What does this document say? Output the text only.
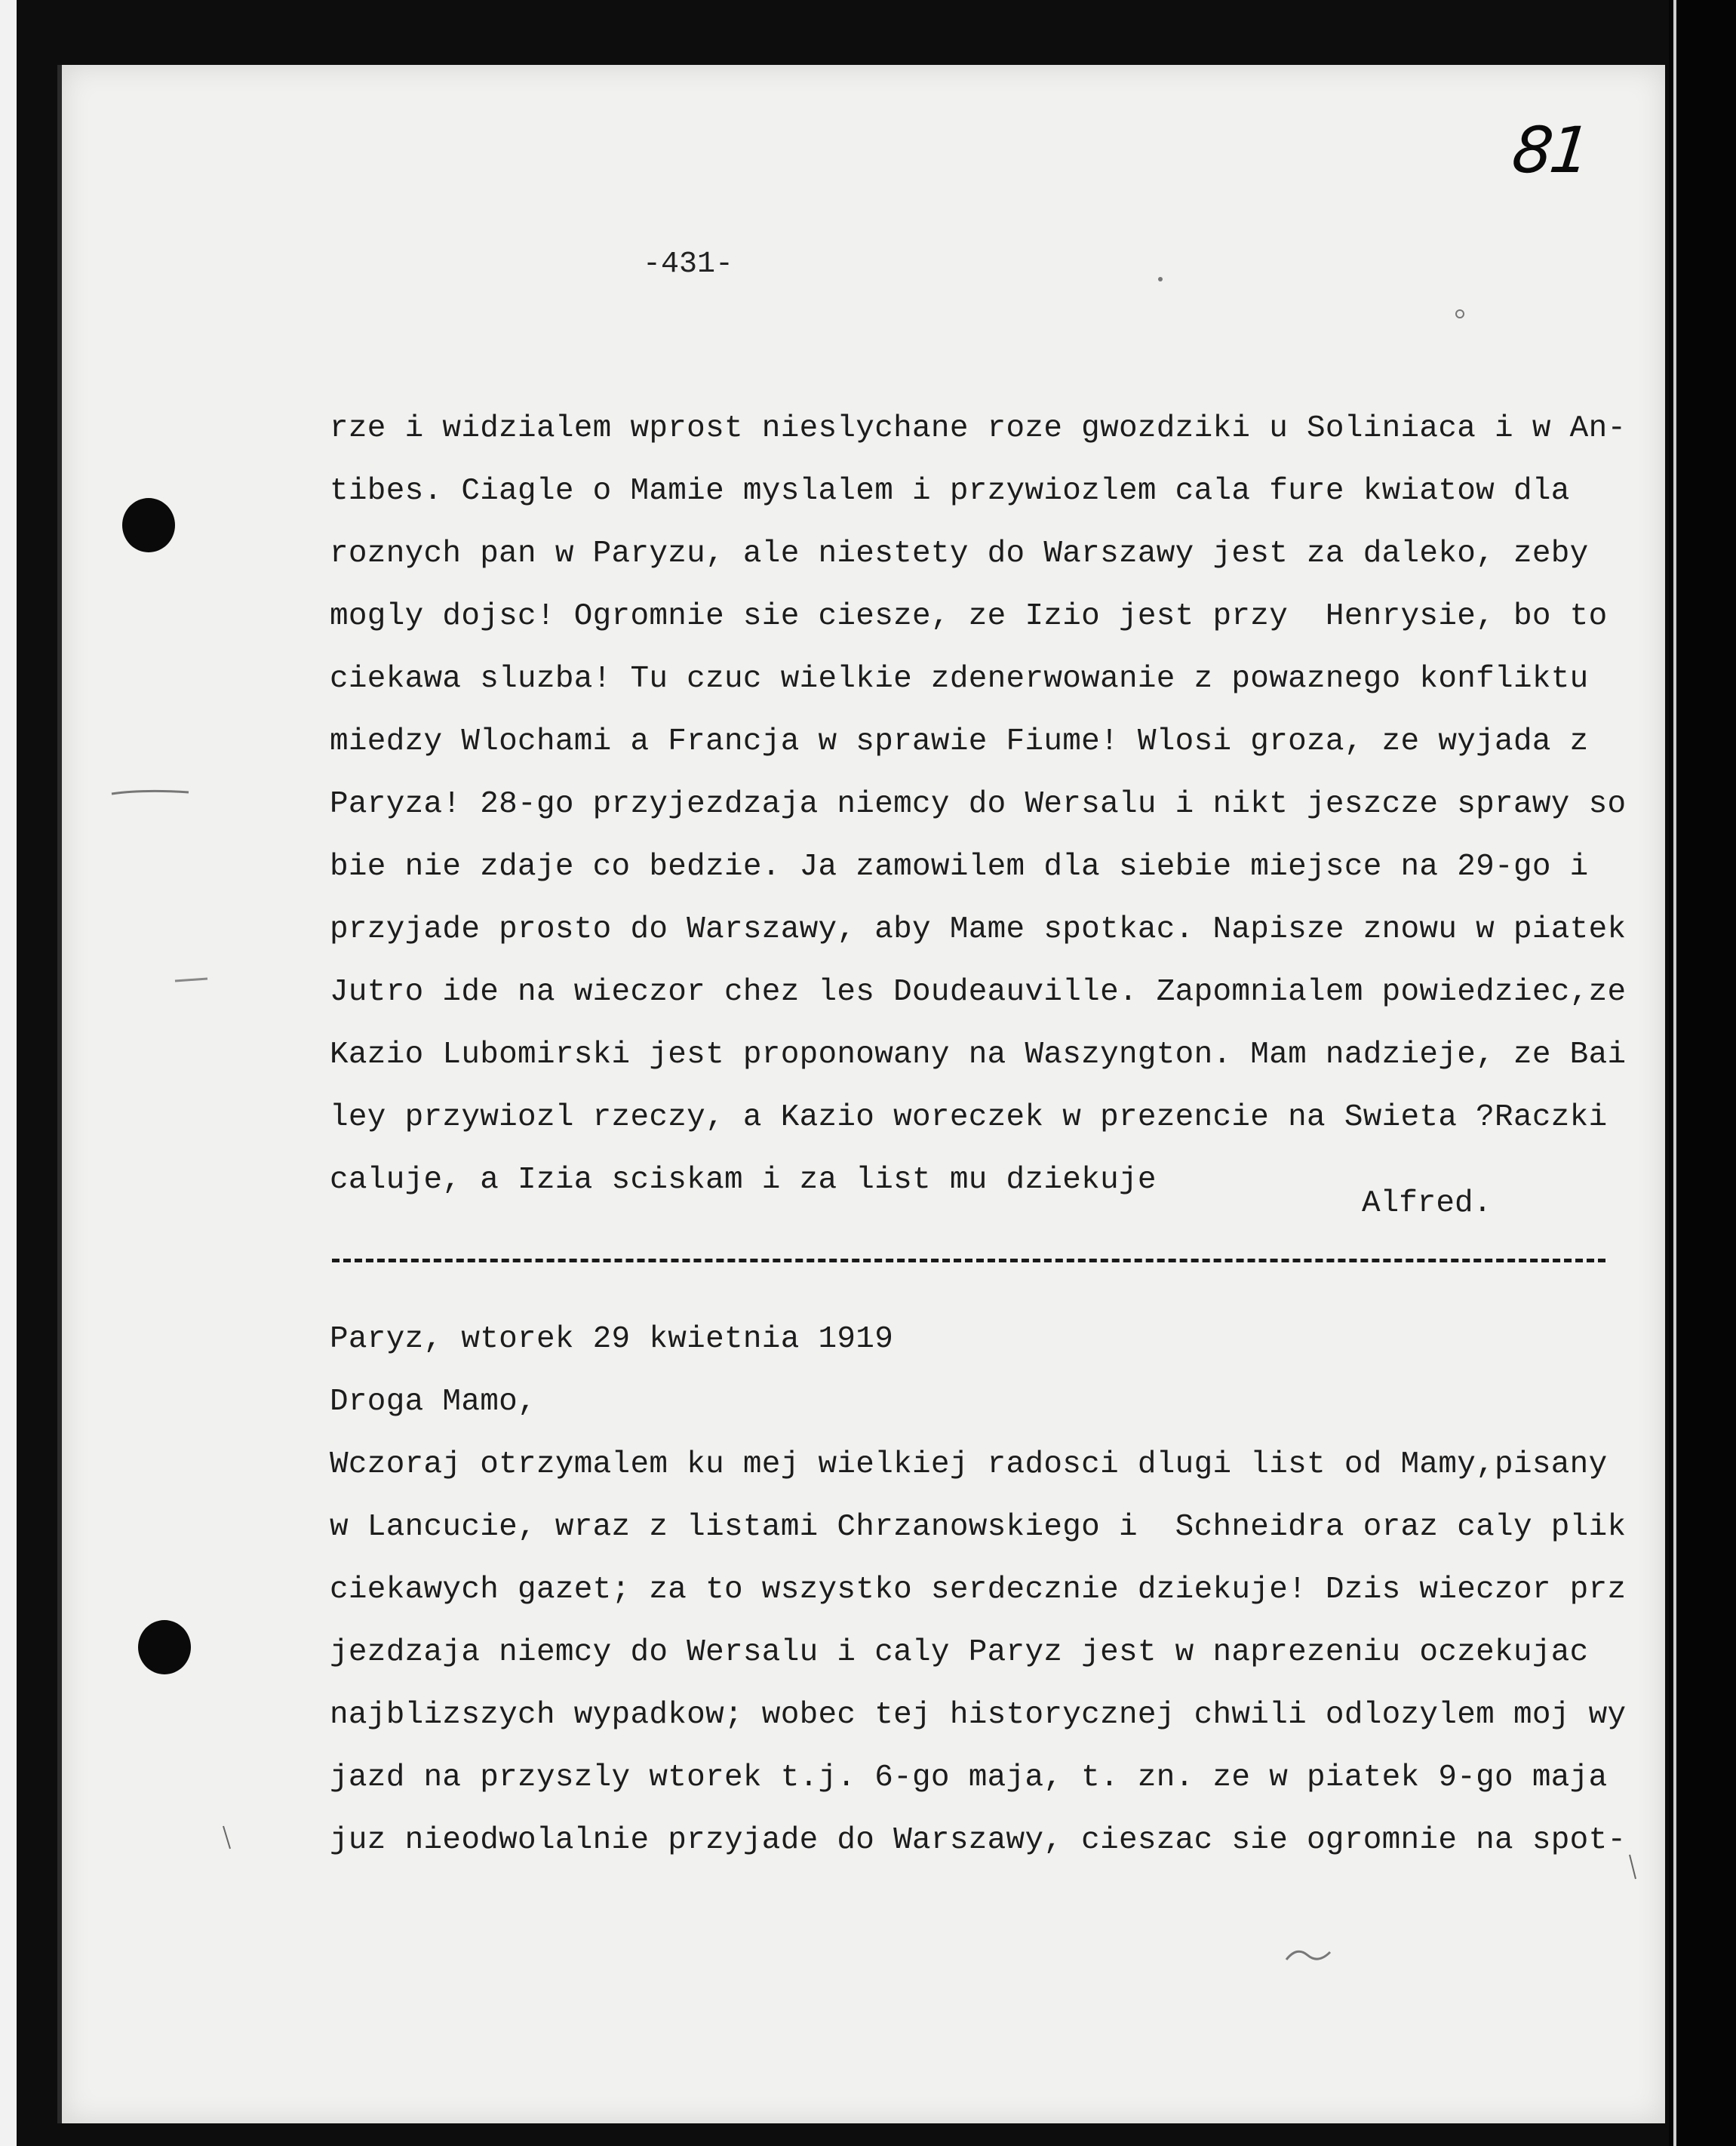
81
-431-
rze i widzialem wprost nieslychane roze gwozdziki u Soliniaca i w An-
tibes. Ciagle o Mamie myslalem i przywiozlem cala fure kwiatow dla
roznych pan w Paryzu, ale niestety do Warszawy jest za daleko, zeby
mogly dojsc! Ogromnie sie ciesze, ze Izio jest przy  Henrysie, bo to
ciekawa sluzba! Tu czuc wielkie zdenerwowanie z powaznego konfliktu
miedzy Wlochami a Francja w sprawie Fiume! Wlosi groza, ze wyjada z
Paryza! 28-go przyjezdzaja niemcy do Wersalu i nikt jeszcze sprawy so
bie nie zdaje co bedzie. Ja zamowilem dla siebie miejsce na 29-go i
przyjade prosto do Warszawy, aby Mame spotkac. Napisze znowu w piatek
Jutro ide na wieczor chez les Doudeauville. Zapomnialem powiedziec,ze
Kazio Lubomirski jest proponowany na Waszyngton. Mam nadzieje, ze Bai
ley przywiozl rzeczy, a Kazio woreczek w prezencie na Swieta ?Raczki
caluje, a Izia sciskam i za list mu dziekuje
Alfred.
Paryz, wtorek 29 kwietnia 1919
Droga Mamo,
Wczoraj otrzymalem ku mej wielkiej radosci dlugi list od Mamy,pisany
w Lancucie, wraz z listami Chrzanowskiego i  Schneidra oraz caly plik
ciekawych gazet; za to wszystko serdecznie dziekuje! Dzis wieczor prz
jezdzaja niemcy do Wersalu i caly Paryz jest w naprezeniu oczekujac
najblizszych wypadkow; wobec tej historycznej chwili odlozylem moj wy
jazd na przyszly wtorek t.j. 6-go maja, t. zn. ze w piatek 9-go maja
juz nieodwolalnie przyjade do Warszawy, cieszac sie ogromnie na spot-
